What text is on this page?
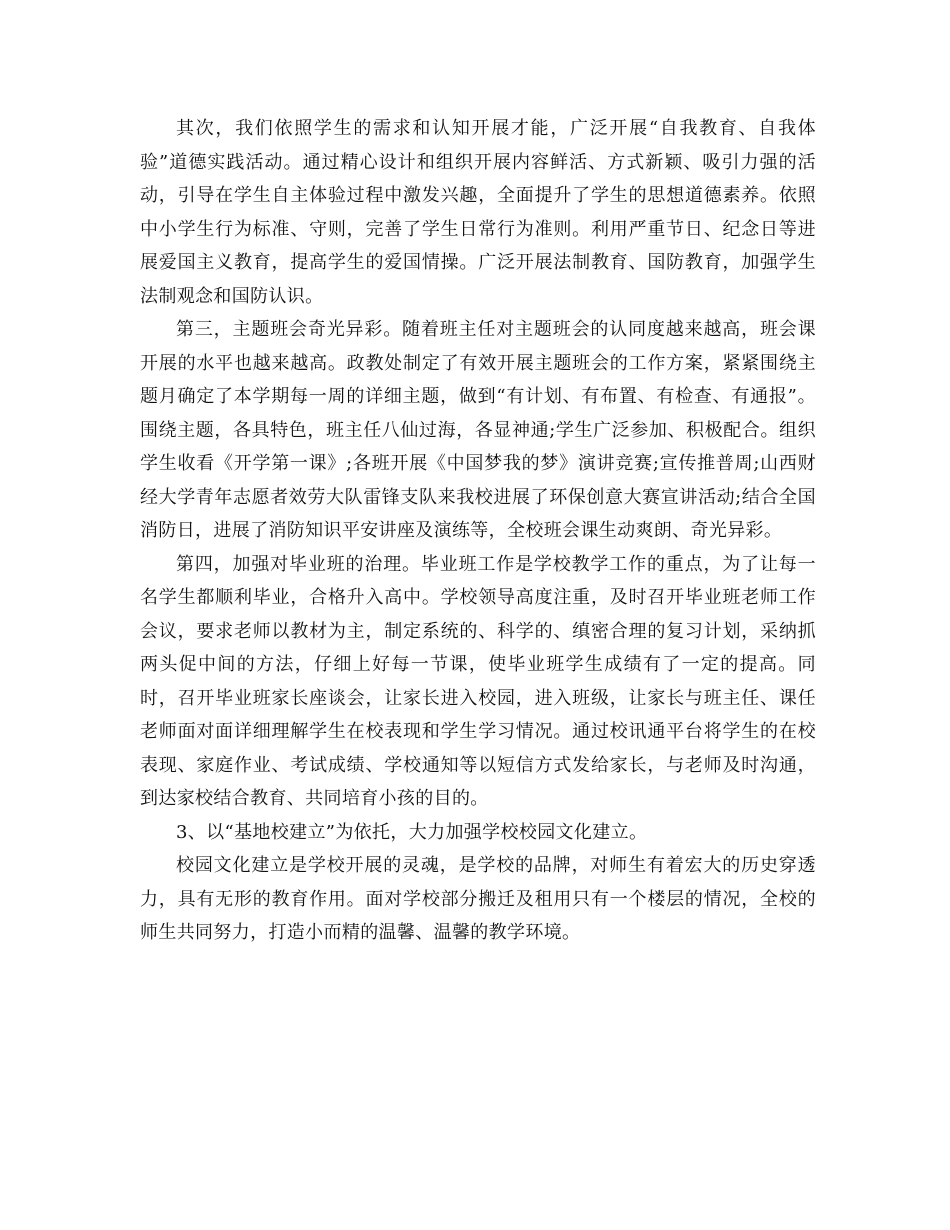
其次，我们依照学生的需求和认知开展才能，广泛开展“自我教育、自我体验”道德实践活动。通过精心设计和组织开展内容鲜活、方式新颖、吸引力强的活动，引导在学生自主体验过程中激发兴趣，全面提升了学生的思想道德素养。依照中小学生行为标准、守则，完善了学生日常行为准则。利用严重节日、纪念日等进展爱国主义教育，提高学生的爱国情操。广泛开展法制教育、国防教育，加强学生法制观念和国防认识。

第三，主题班会奇光异彩。随着班主任对主题班会的认同度越来越高，班会课开展的水平也越来越高。政教处制定了有效开展主题班会的工作方案，紧紧围绕主题月确定了本学期每一周的详细主题，做到“有计划、有布置、有检查、有通报”。围绕主题，各具特色，班主任八仙过海，各显神通;学生广泛参加、积极配合。组织学生收看《开学第一课》;各班开展《中国梦我的梦》演讲竞赛;宣传推普周;山西财经大学青年志愿者效劳大队雷锋支队来我校进展了环保创意大赛宣讲活动;结合全国消防日，进展了消防知识平安讲座及演练等，全校班会课生动爽朗、奇光异彩。

第四，加强对毕业班的治理。毕业班工作是学校教学工作的重点，为了让每一名学生都顺利毕业，合格升入高中。学校领导高度注重，及时召开毕业班老师工作会议，要求老师以教材为主，制定系统的、科学的、缜密合理的复习计划，采纳抓两头促中间的方法，仔细上好每一节课，使毕业班学生成绩有了一定的提高。同时，召开毕业班家长座谈会，让家长进入校园，进入班级，让家长与班主任、课任老师面对面详细理解学生在校表现和学生学习情况。通过校讯通平台将学生的在校表现、家庭作业、考试成绩、学校通知等以短信方式发给家长，与老师及时沟通，到达家校结合教育、共同培育小孩的目的。

3、以“基地校建立”为依托，大力加强学校校园文化建立。

校园文化建立是学校开展的灵魂，是学校的品牌，对师生有着宏大的历史穿透力，具有无形的教育作用。面对学校部分搬迁及租用只有一个楼层的情况，全校的师生共同努力，打造小而精的温馨、温馨的教学环境。
